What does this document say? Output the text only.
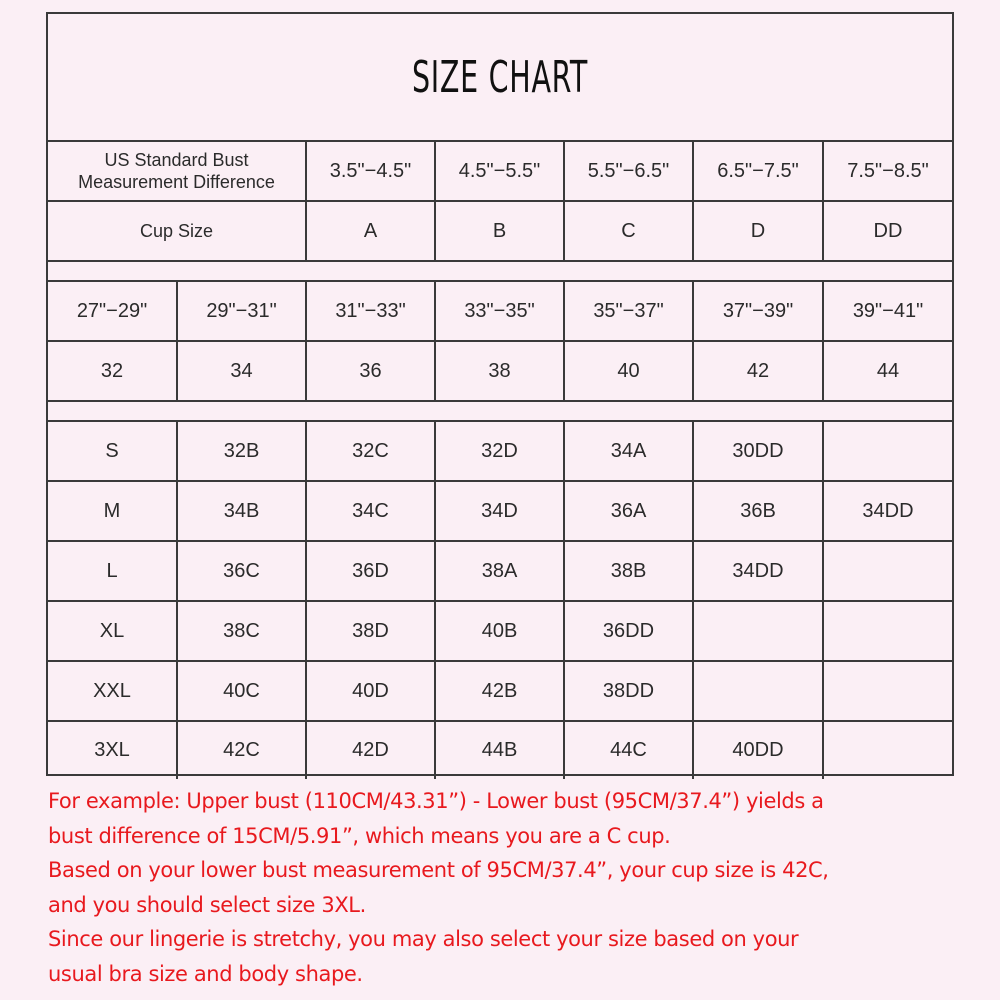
SIZE CHART
US Standard Bust Measurement Difference		3.5"−4.5"	4.5"−5.5"	5.5"−6.5"	6.5"−7.5"	7.5"−8.5"
Cup Size		A	B	C	D	DD

27"−29"	29"−31"	31"−33"	33"−35"	35"−37"	37"−39"	39"−41"
32	34	36	38	40	42	44

S	32B	32C	32D	34A	30DD	
M	34B	34C	34D	36A	36B	34DD
L	36C	36D	38A	38B	34DD	
XL	38C	38D	40B	36DD		
XXL	40C	40D	42B	38DD		
3XL	42C	42D	44B	44C	40DD	
For example: Upper bust (110CM/43.31”) - Lower bust (95CM/37.4”) yields a
bust difference of 15CM/5.91”, which means you are a C cup.
Based on your lower bust measurement of 95CM/37.4”, your cup size is 42C,
and you should select size 3XL.
Since our lingerie is stretchy, you may also select your size based on your
usual bra size and body shape.
